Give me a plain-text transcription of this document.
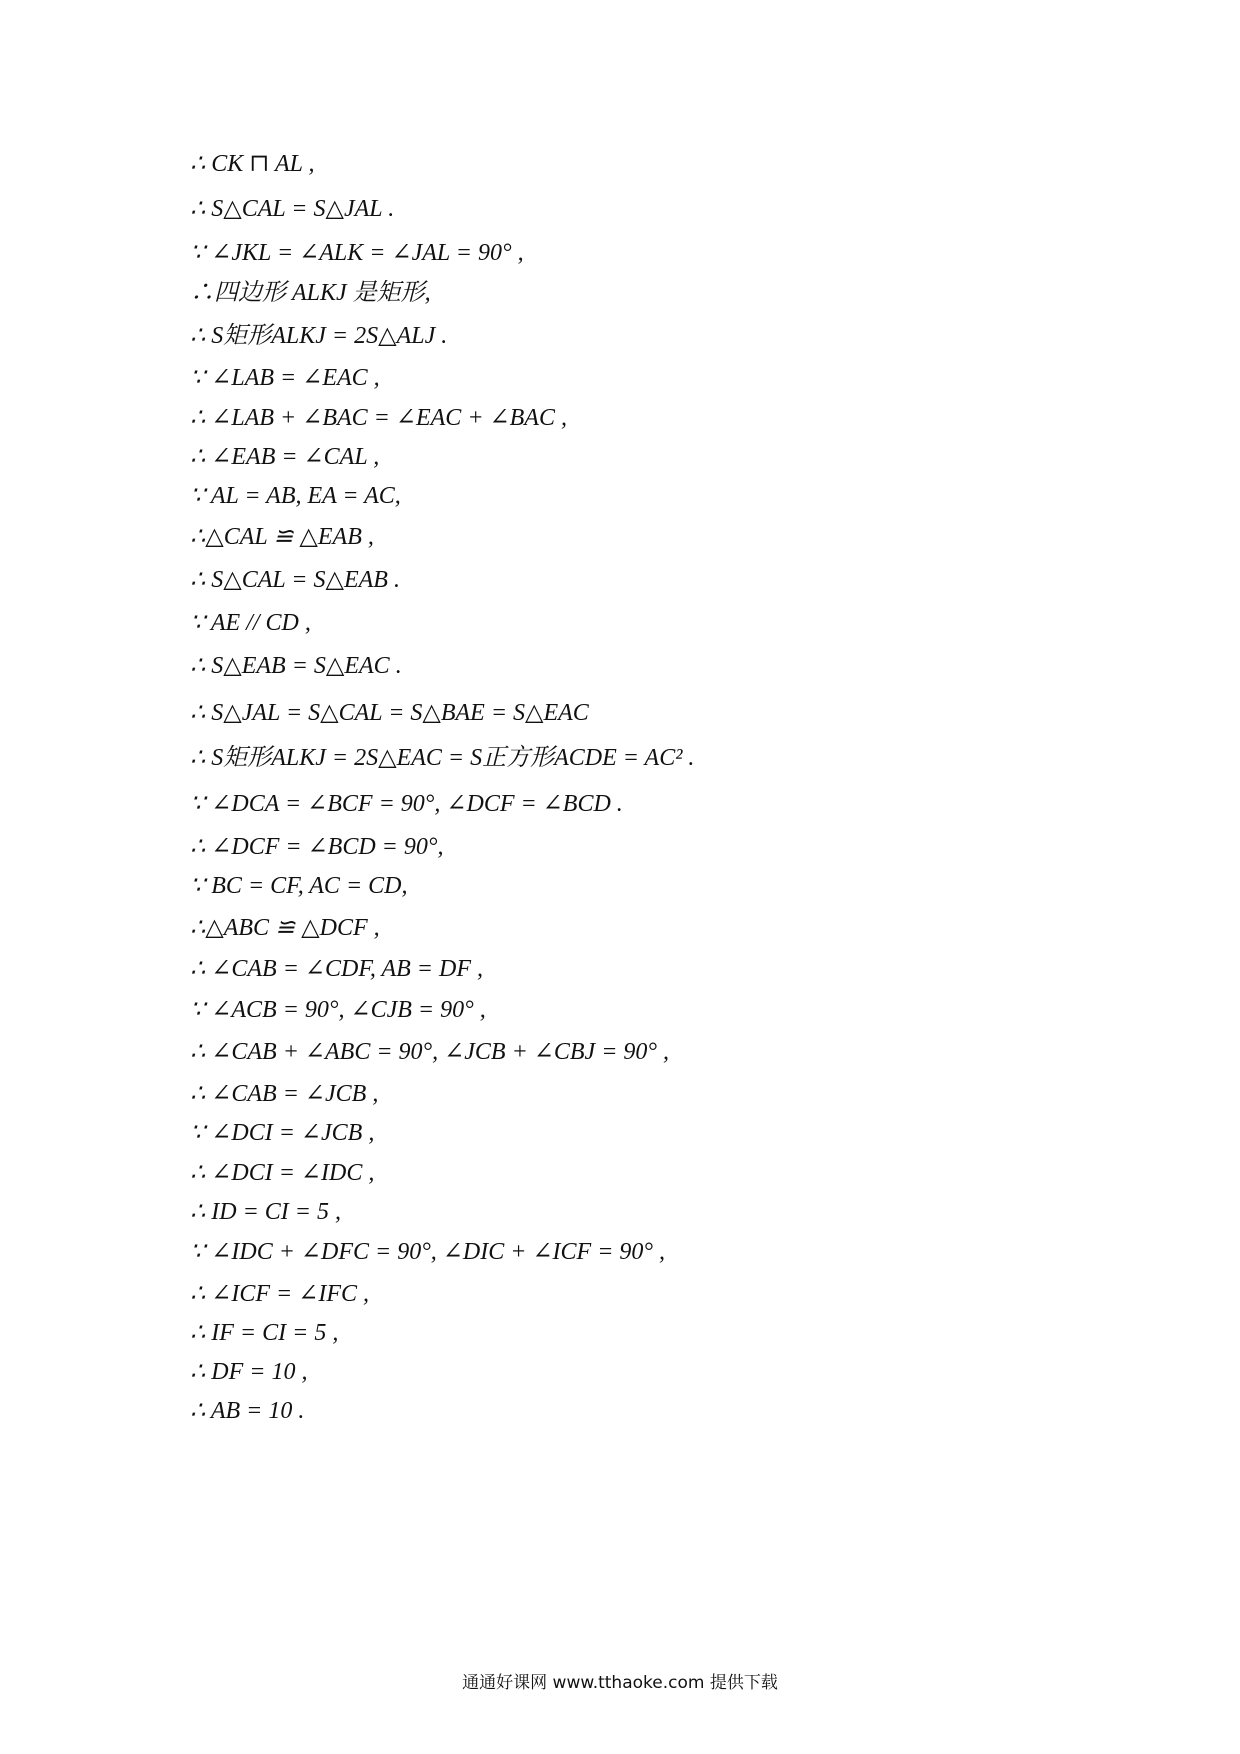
∴ CK ⊓ AL ,
∴ S△CAL = S△JAL .
∵ ∠JKL = ∠ALK = ∠JAL = 90° ,
∴四边形 ALKJ 是矩形,
∴ S矩形ALKJ = 2S△ALJ .
∵ ∠LAB = ∠EAC ,
∴ ∠LAB + ∠BAC = ∠EAC + ∠BAC ,
∴ ∠EAB = ∠CAL ,
∵ AL = AB, EA = AC,
∴△CAL ≌ △EAB ,
∴ S△CAL = S△EAB .
∵ AE // CD ,
∴ S△EAB = S△EAC .
∴ S△JAL = S△CAL = S△BAE = S△EAC
∴ S矩形ALKJ = 2S△EAC = S正方形ACDE = AC² .
∵ ∠DCA = ∠BCF = 90°, ∠DCF = ∠BCD .
∴ ∠DCF = ∠BCD = 90°,
∵ BC = CF, AC = CD,
∴△ABC ≌ △DCF ,
∴ ∠CAB = ∠CDF, AB = DF ,
∵ ∠ACB = 90°, ∠CJB = 90° ,
∴ ∠CAB + ∠ABC = 90°, ∠JCB + ∠CBJ = 90° ,
∴ ∠CAB = ∠JCB ,
∵ ∠DCI = ∠JCB ,
∴ ∠DCI = ∠IDC ,
∴ ID = CI = 5 ,
∵ ∠IDC + ∠DFC = 90°, ∠DIC + ∠ICF = 90° ,
∴ ∠ICF = ∠IFC ,
∴ IF = CI = 5 ,
∴ DF = 10 ,
∴ AB = 10 .
通通好课网 www.tthaoke.com 提供下载
